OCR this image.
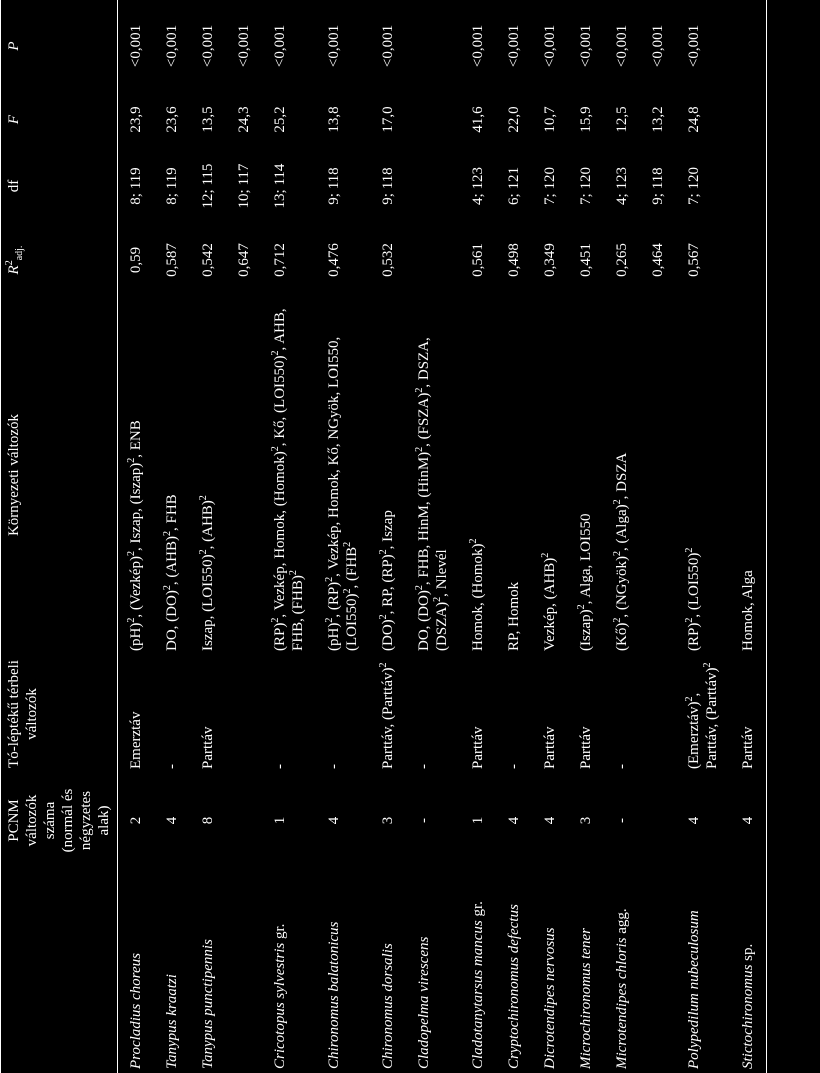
	PCNM változók száma (normál és négyzetes alak)	Tó-léptékű térbeli változók	Környezeti változók	$R^2_{adj.}$	df	F	P
Procladius choreus	2	Emerztáv	(pH)$^2$, (Vezkép)$^2$, Iszap, (Iszap)$^2$, ENB	0,59	8; 119	23,9	<0,001
Tanypus kraatzi	4	-	DO, (DO)$^2$, (AHB)$^2$, FHB	0,587	8; 119	23,6	<0,001
Tanypus punctipennis	8	Parttáv	Iszap, $(LOI550)^2$, (AHB)$^2$	0,542	12; 115	13,5	<0,001
				0,647	10; 117	24,3	<0,001
Cricotopus sylvestris gr.	1	-	(RP)$^2$, Vezkép, Homok, (Homok)$^2$, Kő, $(LOI550)^2$, AHB, FHB, (FHB)$^2$	0,712	13; 114	25,2	<0,001
Chironomus balatonicus	4	-	(pH)$^2$, (RP)$^2$, Vezkép, Homok, Kő, NGyök, LOI550, $(LOI550)^2$, (FHB$^2$	0,476	9; 118	13,8	<0,001
Chironomus dorsalis	3	Parttáv, (Parttáv)$^2$	(DO)$^2$, RP, (RP)$^2$, Iszap	0,532	9; 118	17,0	<0,001
Cladopelma virescens	-	-	DO, (DO)$^2$, FHB, HinM, (HinM)$^2$, (FSZA)$^2$, DSZA, (DSZA)$^2$, Nlevél				
Cladotanytarsus mancus gr.	1	Parttáv	Homok, (Homok)$^2$	0,561	4; 123	41,6	<0,001
Cryptochironomus defectus	4	-	RP, Homok	0,498	6; 121	22,0	<0,001
Dicrotendipes nervosus	4	Parttáv	Vezkép, (AHB)$^2$	0,349	7; 120	10,7	<0,001
Microchironomus tener	3	Parttáv	(Iszap)$^2$, Alga, LOI550	0,451	7; 120	15,9	<0,001
Microtendipes chloris agg.	-	-	(Kő)$^2$, (NGyök)$^2$, $(Alga)^2$, DSZA	0,265	4; 123	12,5	<0,001
				0,464	9; 118	13,2	<0,001
Polypedilum nubeculosum	4	(Emerztáv)$^2$, Parttáv, (Parttáv)$^2$	(RP)$^2$, $(LOI550)^2$	0,567	7; 120	24,8	<0,001
Stictochironomus sp.	4	Parttáv	Homok, Alga				
